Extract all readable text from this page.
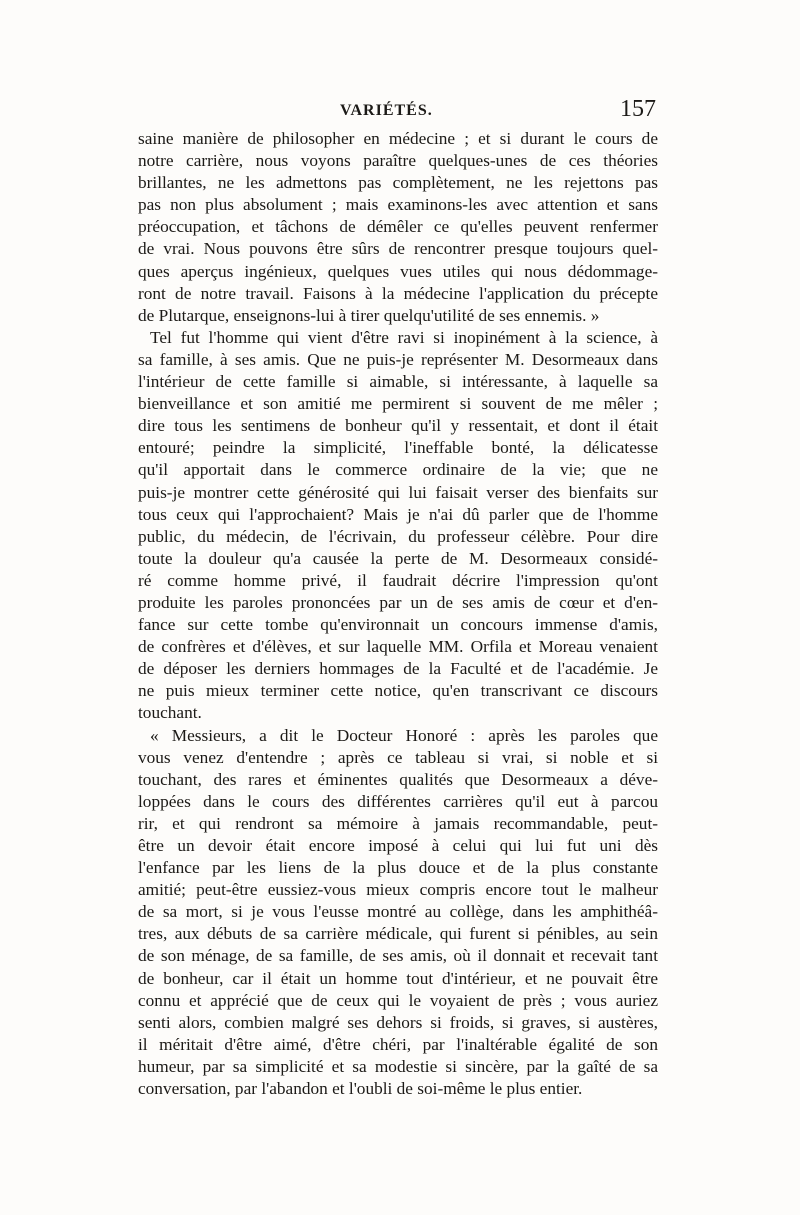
VARIÉTÉS.	157
saine manière de philosopher en médecine ; et si durant le cours de
notre carrière, nous voyons paraître quelques-unes de ces théories
brillantes, ne les admettons pas complètement, ne les rejettons pas
pas non plus absolument ; mais examinons-les avec attention et sans
préoccupation, et tâchons de démêler ce qu'elles peuvent renfermer
de vrai. Nous pouvons être sûrs de rencontrer presque toujours quel-
ques aperçus ingénieux, quelques vues utiles qui nous dédommage-
ront de notre travail. Faisons à la médecine l'application du précepte
de Plutarque, enseignons-lui à tirer quelqu'utilité de ses ennemis. »
Tel fut l'homme qui vient d'être ravi si inopinément à la science, à
sa famille, à ses amis. Que ne puis-je représenter M. Desormeaux dans
l'intérieur de cette famille si aimable, si intéressante, à laquelle sa
bienveillance et son amitié me permirent si souvent de me mêler ;
dire tous les sentimens de bonheur qu'il y ressentait, et dont il était
entouré; peindre la simplicité, l'ineffable bonté, la délicatesse
qu'il apportait dans le commerce ordinaire de la vie; que ne
puis-je montrer cette générosité qui lui faisait verser des bienfaits sur
tous ceux qui l'approchaient? Mais je n'ai dû parler que de l'homme
public, du médecin, de l'écrivain, du professeur célèbre. Pour dire
toute la douleur qu'a causée la perte de M. Desormeaux considé-
ré comme homme privé, il faudrait décrire l'impression qu'ont
produite les paroles prononcées par un de ses amis de cœur et d'en-
fance sur cette tombe qu'environnait un concours immense d'amis,
de confrères et d'élèves, et sur laquelle MM. Orfila et Moreau venaient
de déposer les derniers hommages de la Faculté et de l'académie. Je
ne puis mieux terminer cette notice, qu'en transcrivant ce discours
touchant.
« Messieurs, a dit le Docteur Honoré : après les paroles que
vous venez d'entendre ; après ce tableau si vrai, si noble et si
touchant, des rares et éminentes qualités que Desormeaux a déve-
loppées dans le cours des différentes carrières qu'il eut à parcou
rir, et qui rendront sa mémoire à jamais recommandable, peut-
être un devoir était encore imposé à celui qui lui fut uni dès
l'enfance par les liens de la plus douce et de la plus constante
amitié; peut-être eussiez-vous mieux compris encore tout le malheur
de sa mort, si je vous l'eusse montré au collège, dans les amphithéâ-
tres, aux débuts de sa carrière médicale, qui furent si pénibles, au sein
de son ménage, de sa famille, de ses amis, où il donnait et recevait tant
de bonheur, car il était un homme tout d'intérieur, et ne pouvait être
connu et apprécié que de ceux qui le voyaient de près ; vous auriez
senti alors, combien malgré ses dehors si froids, si graves, si austères,
il méritait d'être aimé, d'être chéri, par l'inaltérable égalité de son
humeur, par sa simplicité et sa modestie si sincère, par la gaîté de sa
conversation, par l'abandon et l'oubli de soi-même le plus entier.
